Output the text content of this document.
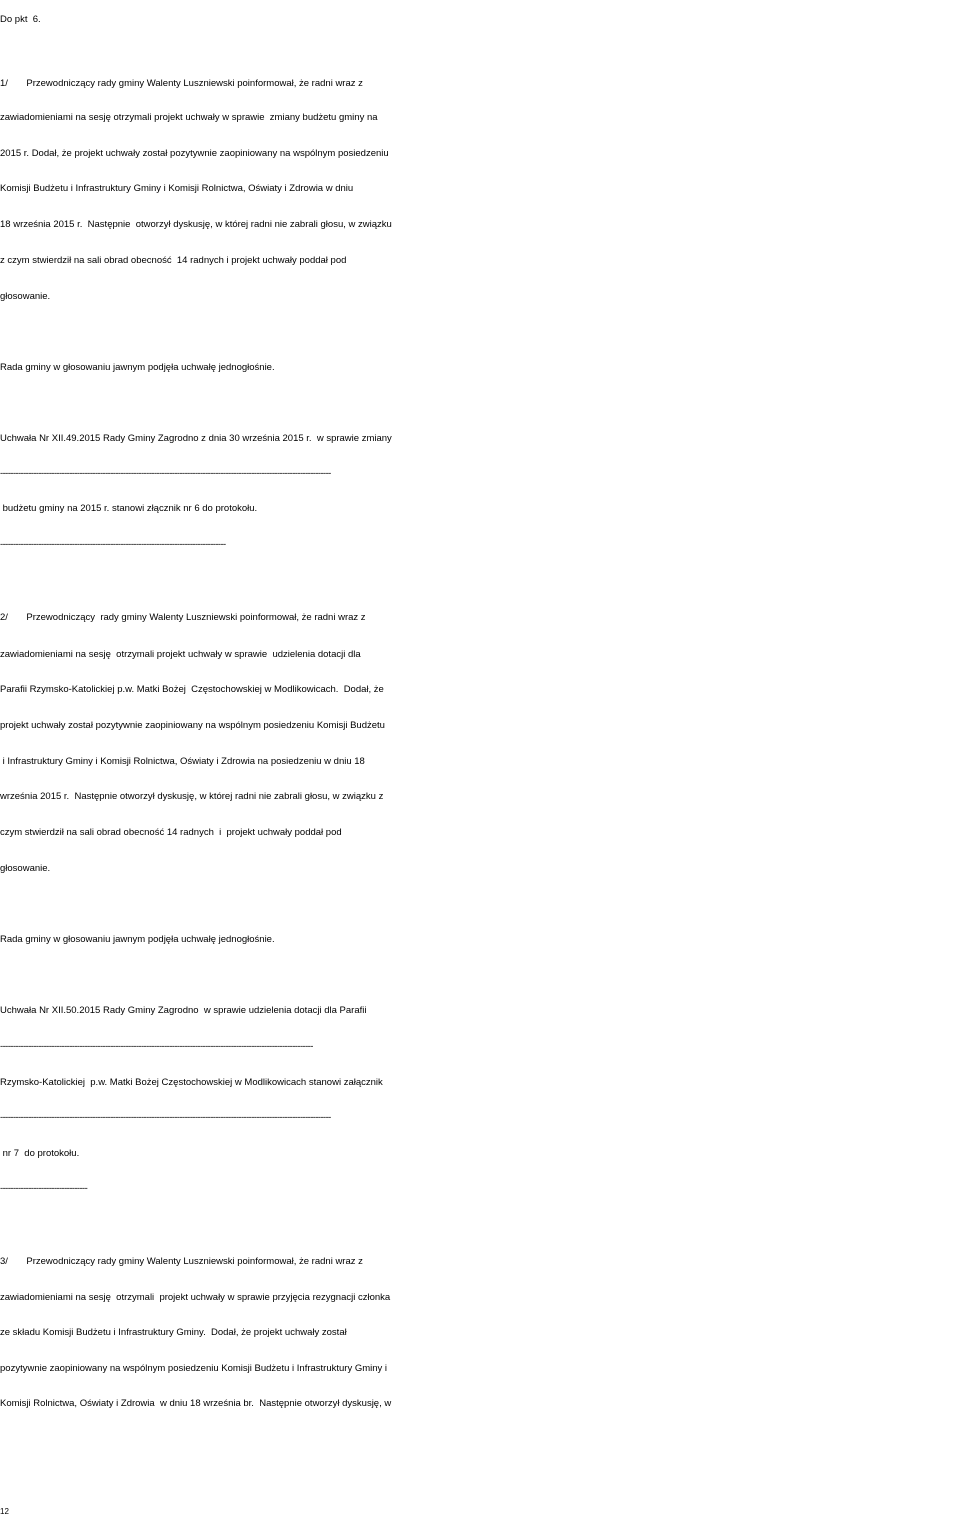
Do pkt  6.
1/       Przewodniczący rady gminy Walenty Luszniewski poinformował, że radni wraz z
zawiadomieniami na sesję otrzymali projekt uchwały w sprawie  zmiany budżetu gminy na
2015 r. Dodał, że projekt uchwały został pozytywnie zaopiniowany na wspólnym posiedzeniu
Komisji Budżetu i Infrastruktury Gminy i Komisji Rolnictwa, Oświaty i Zdrowia w dniu
18 września 2015 r.  Następnie  otworzył dyskusję, w której radni nie zabrali głosu, w związku
z czym stwierdził na sali obrad obecność  14 radnych i projekt uchwały poddał pod
głosowanie.
Rada gminy w głosowaniu jawnym podjęła uchwałę jednogłośnie.
Uchwała Nr XII.49.2015 Rady Gminy Zagrodno z dnia 30 września 2015 r.  w sprawie zmiany
---------------------------------------------------------------------------------------------------------------------------------
budżetu gminy na 2015 r. stanowi złącznik nr 6 do protokołu.
----------------------------------------------------------------------------------------
2/       Przewodniczący  rady gminy Walenty Luszniewski poinformował, że radni wraz z
zawiadomieniami na sesję  otrzymali projekt uchwały w sprawie  udzielenia dotacji dla
Parafii Rzymsko-Katolickiej p.w. Matki Bożej  Częstochowskiej w Modlikowicach.  Dodał, że
projekt uchwały został pozytywnie zaopiniowany na wspólnym posiedzeniu Komisji Budżetu
i Infrastruktury Gminy i Komisji Rolnictwa, Oświaty i Zdrowia na posiedzeniu w dniu 18
września 2015 r.  Następnie otworzył dyskusję, w której radni nie zabrali głosu, w związku z
czym stwierdził na sali obrad obecność 14 radnych  i  projekt uchwały poddał pod
głosowanie.
Rada gminy w głosowaniu jawnym podjęła uchwałę jednogłośnie.
Uchwała Nr XII.50.2015 Rady Gminy Zagrodno  w sprawie udzielenia dotacji dla Parafii
--------------------------------------------------------------------------------------------------------------------------
Rzymsko-Katolickiej  p.w. Matki Bożej Częstochowskiej w Modlikowicach stanowi załącznik
---------------------------------------------------------------------------------------------------------------------------------
nr 7  do protokołu.
----------------------------------
3/       Przewodniczący rady gminy Walenty Luszniewski poinformował, że radni wraz z
zawiadomieniami na sesję  otrzymali  projekt uchwały w sprawie przyjęcia rezygnacji członka
ze składu Komisji Budżetu i Infrastruktury Gminy.  Dodał, że projekt uchwały został
pozytywnie zaopiniowany na wspólnym posiedzeniu Komisji Budżetu i Infrastruktury Gminy i
Komisji Rolnictwa, Oświaty i Zdrowia  w dniu 18 września br.  Następnie otworzył dyskusję, w
12
